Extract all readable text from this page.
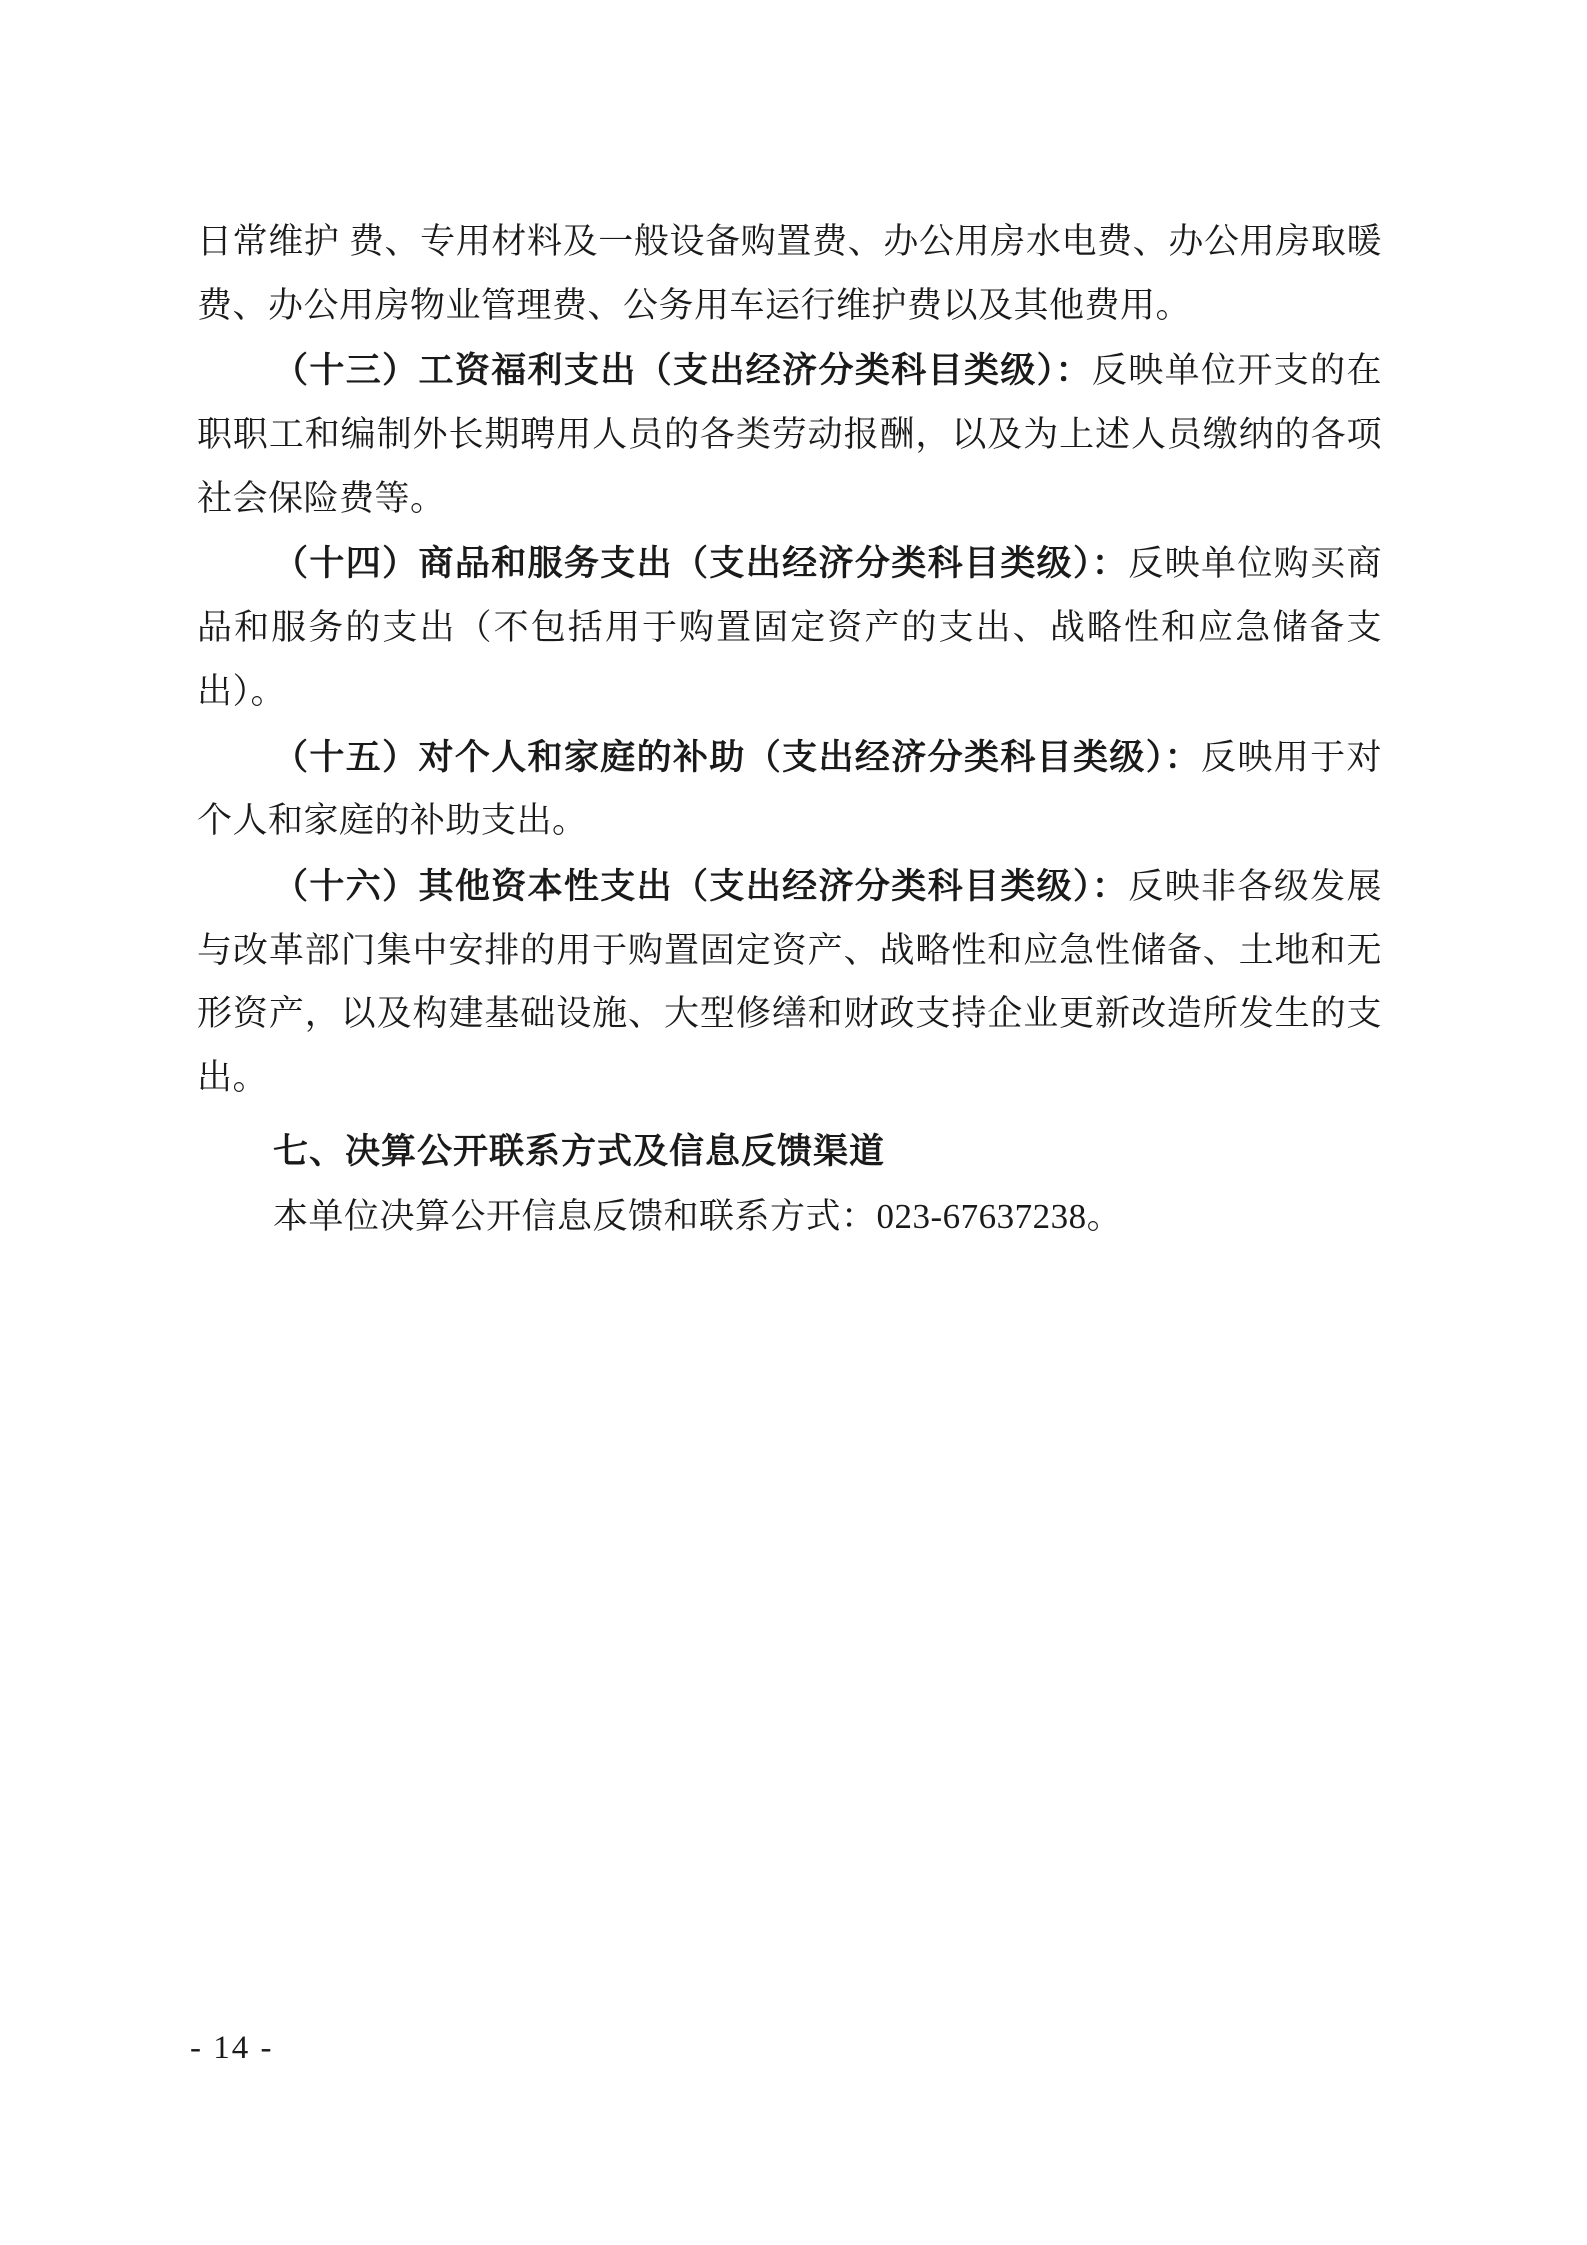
日常维护 费、专用材料及一般设备购置费、办公用房水电费、办公用房取暖费、办公用房物业管理费、公务用车运行维护费以及其他费用。

（十三）工资福利支出（支出经济分类科目类级）：反映单位开支的在职职工和编制外长期聘用人员的各类劳动报酬，以及为上述人员缴纳的各项社会保险费等。

（十四）商品和服务支出（支出经济分类科目类级）：反映单位购买商品和服务的支出（不包括用于购置固定资产的支出、战略性和应急储备支出）。

（十五）对个人和家庭的补助（支出经济分类科目类级）：反映用于对个人和家庭的补助支出。

（十六）其他资本性支出（支出经济分类科目类级）：反映非各级发展与改革部门集中安排的用于购置固定资产、战略性和应急性储备、土地和无形资产，以及构建基础设施、大型修缮和财政支持企业更新改造所发生的支出。

七、决算公开联系方式及信息反馈渠道

本单位决算公开信息反馈和联系方式：023-67637238。

- 14 -
